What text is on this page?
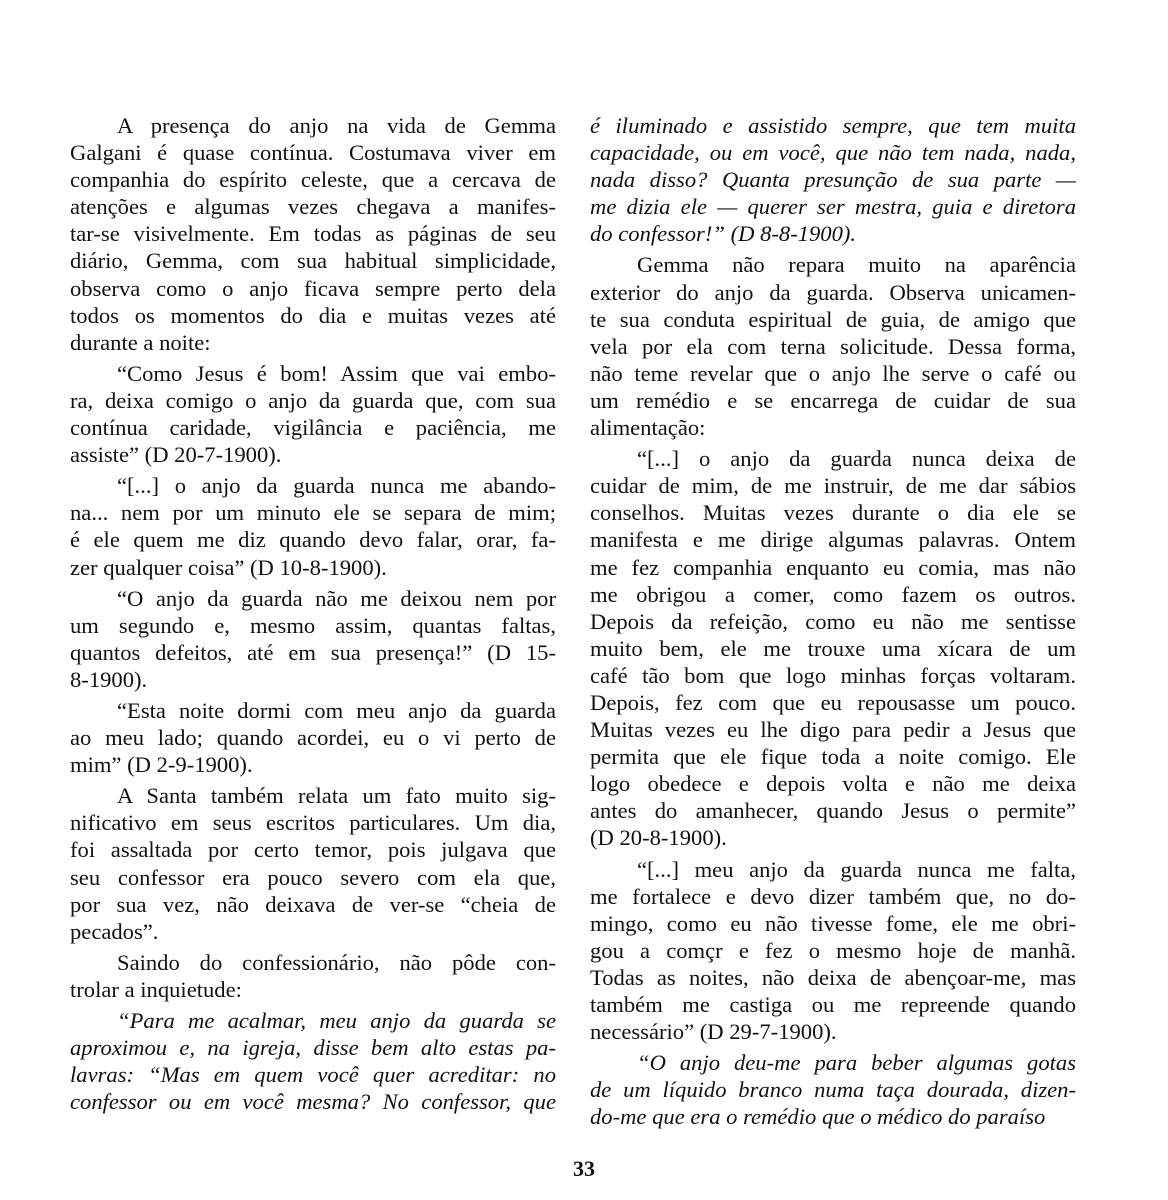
A presença do anjo na vida de Gemma
Galgani é quase contínua. Costumava viver em
companhia do espírito celeste, que a cercava de
atenções e algumas vezes chegava a manifes-
tar-se visivelmente. Em todas as páginas de seu
diário, Gemma, com sua habitual simplicidade,
observa como o anjo ficava sempre perto dela
todos os momentos do dia e muitas vezes até
durante a noite:

“Como Jesus é bom! Assim que vai embo-
ra, deixa comigo o anjo da guarda que, com sua
contínua caridade, vigilância e paciência, me
assiste” (D 20-7-1900).

“[...] o anjo da guarda nunca me abando-
na... nem por um minuto ele se separa de mim;
é ele quem me diz quando devo falar, orar, fa-
zer qualquer coisa” (D 10-8-1900).

“O anjo da guarda não me deixou nem por
um segundo e, mesmo assim, quantas faltas,
quantos defeitos, até em sua presença!” (D 15-
8-1900).

“Esta noite dormi com meu anjo da guarda
ao meu lado; quando acordei, eu o vi perto de
mim” (D 2-9-1900).

A Santa também relata um fato muito sig-
nificativo em seus escritos particulares. Um dia,
foi assaltada por certo temor, pois julgava que
seu confessor era pouco severo com ela que,
por sua vez, não deixava de ver-se “cheia de
pecados”.

Saindo do confessionário, não pôde con-
trolar a inquietude:

“Para me acalmar, meu anjo da guarda se
aproximou e, na igreja, disse bem alto estas pa-
lavras: “Mas em quem você quer acreditar: no
confessor ou em você mesma? No confessor, que

é iluminado e assistido sempre, que tem muita
capacidade, ou em você, que não tem nada, nada,
nada disso? Quanta presunção de sua parte —
me dizia ele — querer ser mestra, guia e diretora
do confessor!” (D 8-8-1900).

Gemma não repara muito na aparência
exterior do anjo da guarda. Observa unicamen-
te sua conduta espiritual de guia, de amigo que
vela por ela com terna solicitude. Dessa forma,
não teme revelar que o anjo lhe serve o café ou
um remédio e se encarrega de cuidar de sua
alimentação:

“[...] o anjo da guarda nunca deixa de
cuidar de mim, de me instruir, de me dar sábios
conselhos. Muitas vezes durante o dia ele se
manifesta e me dirige algumas palavras. Ontem
me fez companhia enquanto eu comia, mas não
me obrigou a comer, como fazem os outros.
Depois da refeição, como eu não me sentisse
muito bem, ele me trouxe uma xícara de um
café tão bom que logo minhas forças voltaram.
Depois, fez com que eu repousasse um pouco.
Muitas vezes eu lhe digo para pedir a Jesus que
permita que ele fique toda a noite comigo. Ele
logo obedece e depois volta e não me deixa
antes do amanhecer, quando Jesus o permite”
(D 20-8-1900).

“[...] meu anjo da guarda nunca me falta,
me fortalece e devo dizer também que, no do-
mingo, como eu não tivesse fome, ele me obri-
gou a comçr e fez o mesmo hoje de manhã.
Todas as noites, não deixa de abençoar-me, mas
também me castiga ou me repreende quando
necessário” (D 29-7-1900).

“O anjo deu-me para beber algumas gotas
de um líquido branco numa taça dourada, dizen-
do-me que era o remédio que o médico do paraíso

33
